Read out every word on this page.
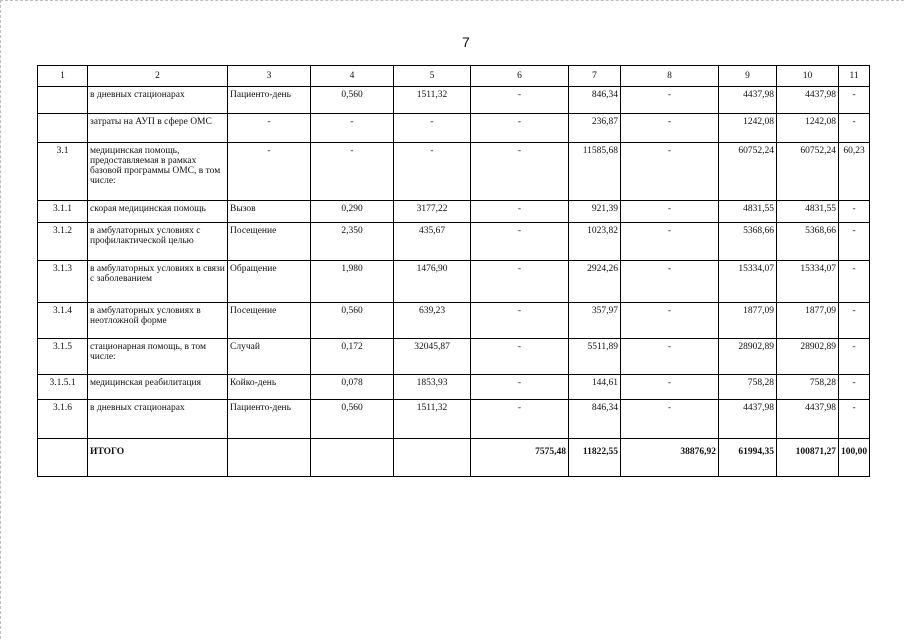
7
1	2	3	4	5	6	7	8	9	10	11
	в дневных стационарах	Пациенто-день	0,560	1511,32	-	846,34	-	4437,98	4437,98	-
	затраты на АУП в сфере ОМС	-	-	-	-	236,87	-	1242,08	1242,08	-
3.1	медицинская помощь, предоставляемая в рамках базовой программы ОМС, в том числе:	-	-	-	-	11585,68	-	60752,24	60752,24	60,23
3.1.1	скорая медицинская помощь	Вызов	0,290	3177,22	-	921,39	-	4831,55	4831,55	-
3.1.2	в амбулаторных условиях с профилактической целью	Посещение	2,350	435,67	-	1023,82	-	5368,66	5368,66	-
3.1.3	в амбулаторных условиях в связи с заболеванием	Обращение	1,980	1476,90	-	2924,26	-	15334,07	15334,07	-
3.1.4	в амбулаторных условиях в неотложной форме	Посещение	0,560	639,23	-	357,97	-	1877,09	1877,09	-
3.1.5	стационарная помощь, в том числе:	Случай	0,172	32045,87	-	5511,89	-	28902,89	28902,89	-
3.1.5.1	медицинская реабилитация	Койко-день	0,078	1853,93	-	144,61	-	758,28	758,28	-
3.1.6	в дневных стационарах	Пациенто-день	0,560	1511,32	-	846,34	-	4437,98	4437,98	-
	ИТОГО				7575,48	11822,55	38876,92	61994,35	100871,27	100,00
